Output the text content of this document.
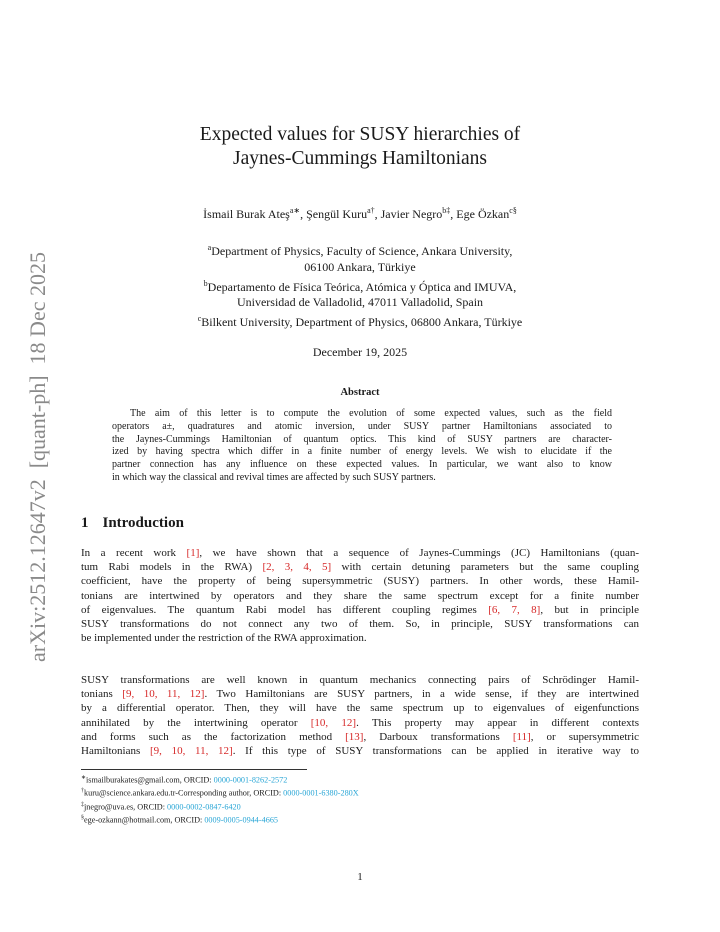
arXiv:2512.12647v2  [quant-ph]  18 Dec 2025
Expected values for SUSY hierarchies of
Jaynes-Cummings Hamiltonians
İsmail Burak Ateş$^{a∗}$, Şengül Kuru$^{a\dagger}$, Javier Negro$^{b\ddagger}$, Ege Özkan$^{c\S}$
$^a$Department of Physics, Faculty of Science, Ankara University,
06100 Ankara, Türkiye
$^b$Departamento de Física Teórica, Atómica y Óptica and IMUVA,
Universidad de Valladolid, 47011 Valladolid, Spain
$^c$Bilkent University, Department of Physics, 06800 Ankara, Türkiye
December 19, 2025
Abstract
The aim of this letter is to compute the evolution of some expected values, such as the field
operators a±, quadratures and atomic inversion, under SUSY partner Hamiltonians associated to
the Jaynes-Cummings Hamiltonian of quantum optics. This kind of SUSY partners are character-
ized by having spectra which differ in a finite number of energy levels. We wish to elucidate if the
partner connection has any influence on these expected values. In particular, we want also to know
in which way the classical and revival times are affected by such SUSY partners.
1 Introduction
In a recent work [1], we have shown that a sequence of Jaynes-Cummings (JC) Hamiltonians (quan-
tum Rabi models in the RWA) [2, 3, 4, 5] with certain detuning parameters but the same coupling
coefficient, have the property of being supersymmetric (SUSY) partners. In other words, these Hamil-
tonians are intertwined by operators and they share the same spectrum except for a finite number
of eigenvalues. The quantum Rabi model has different coupling regimes [6, 7, 8], but in principle
SUSY transformations do not connect any two of them. So, in principle, SUSY transformations can
be implemented under the restriction of the RWA approximation.
SUSY transformations are well known in quantum mechanics connecting pairs of Schrödinger Hamil-
tonians [9, 10, 11, 12]. Two Hamiltonians are SUSY partners, in a wide sense, if they are intertwined
by a differential operator. Then, they will have the same spectrum up to eigenvalues of eigenfunctions
annihilated by the intertwining operator [10, 12]. This property may appear in different contexts
and forms such as the factorization method [13], Darboux transformations [11], or supersymmetric
Hamiltonians [9, 10, 11, 12]. If this type of SUSY transformations can be applied in iterative way to
∗ismailburakates@gmail.com, ORCID: 0000-0001-8262-2572
†kuru@science.ankara.edu.tr-Corresponding author, ORCID: 0000-0001-6380-280X
‡jnegro@uva.es, ORCID: 0000-0002-0847-6420
§ege-ozkann@hotmail.com, ORCID: 0009-0005-0944-4665
1
